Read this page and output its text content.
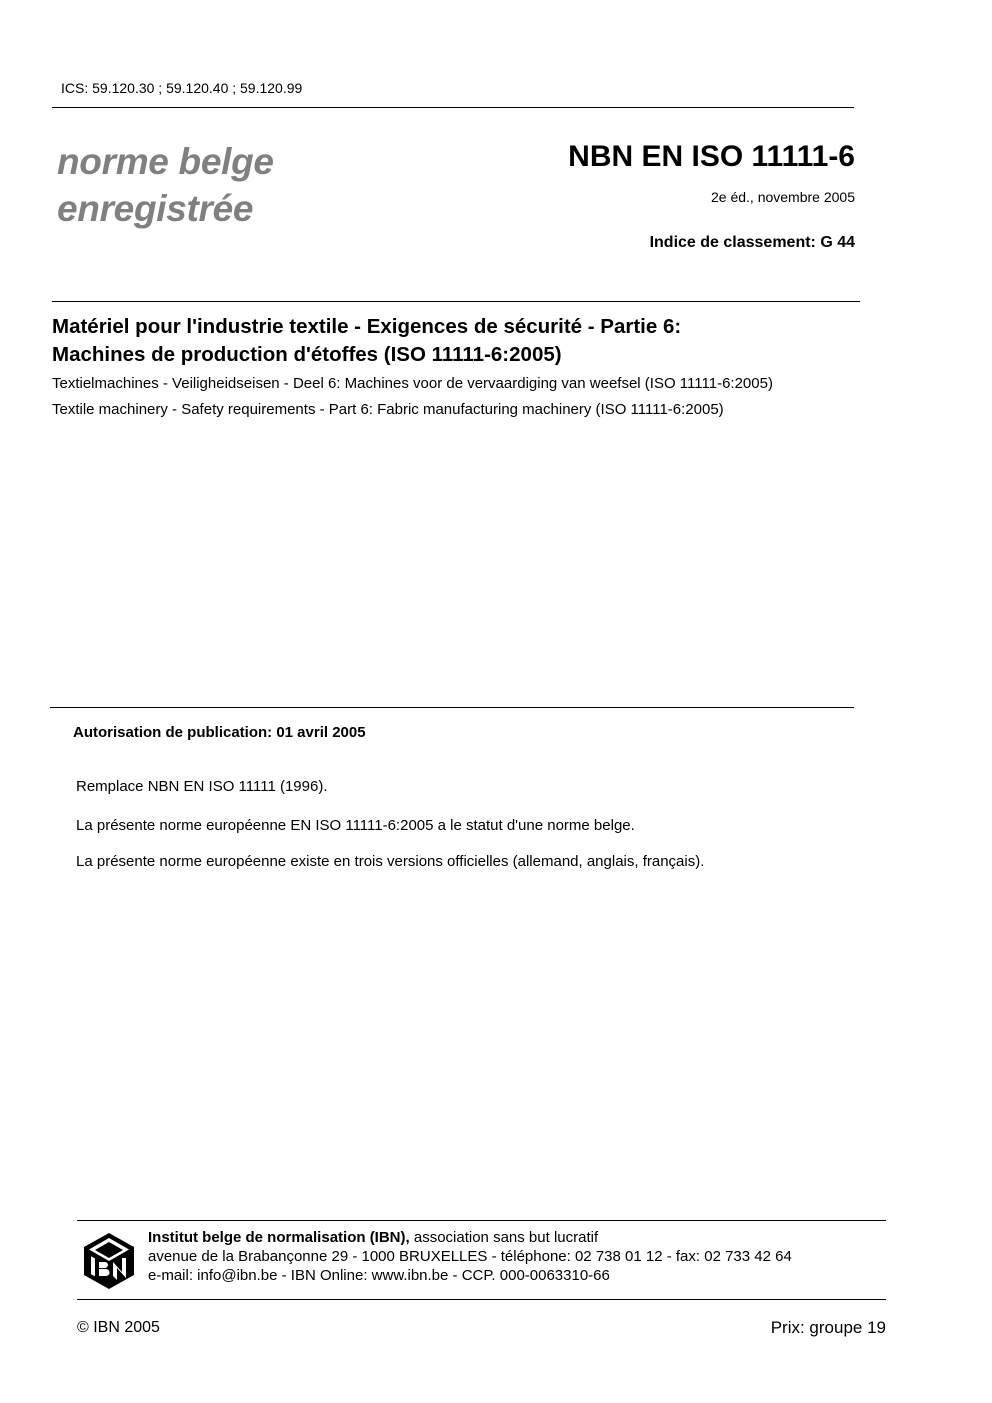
ICS: 59.120.30 ; 59.120.40 ; 59.120.99
norme belge
enregistrée
NBN EN ISO 11111-6
2e éd., novembre 2005
Indice de classement: G 44
Matériel pour l'industrie textile - Exigences de sécurité - Partie 6:
Machines de production d'étoffes (ISO 11111-6:2005)
Textielmachines - Veiligheidseisen - Deel 6: Machines voor de vervaardiging van weefsel (ISO 11111-6:2005)
Textile machinery - Safety requirements - Part 6: Fabric manufacturing machinery (ISO 11111-6:2005)
Autorisation de publication: 01 avril 2005
Remplace NBN EN ISO 11111 (1996).
La présente norme européenne EN ISO 11111-6:2005 a le statut d'une norme belge.
La présente norme européenne existe en trois versions officielles (allemand, anglais, français).
Institut belge de normalisation (IBN), association sans but lucratif
avenue de la Brabançonne 29 - 1000 BRUXELLES - téléphone: 02 738 01 12 - fax: 02 733 42 64
e-mail: info@ibn.be - IBN Online: www.ibn.be - CCP. 000-0063310-66
© IBN 2005	Prix: groupe 19
